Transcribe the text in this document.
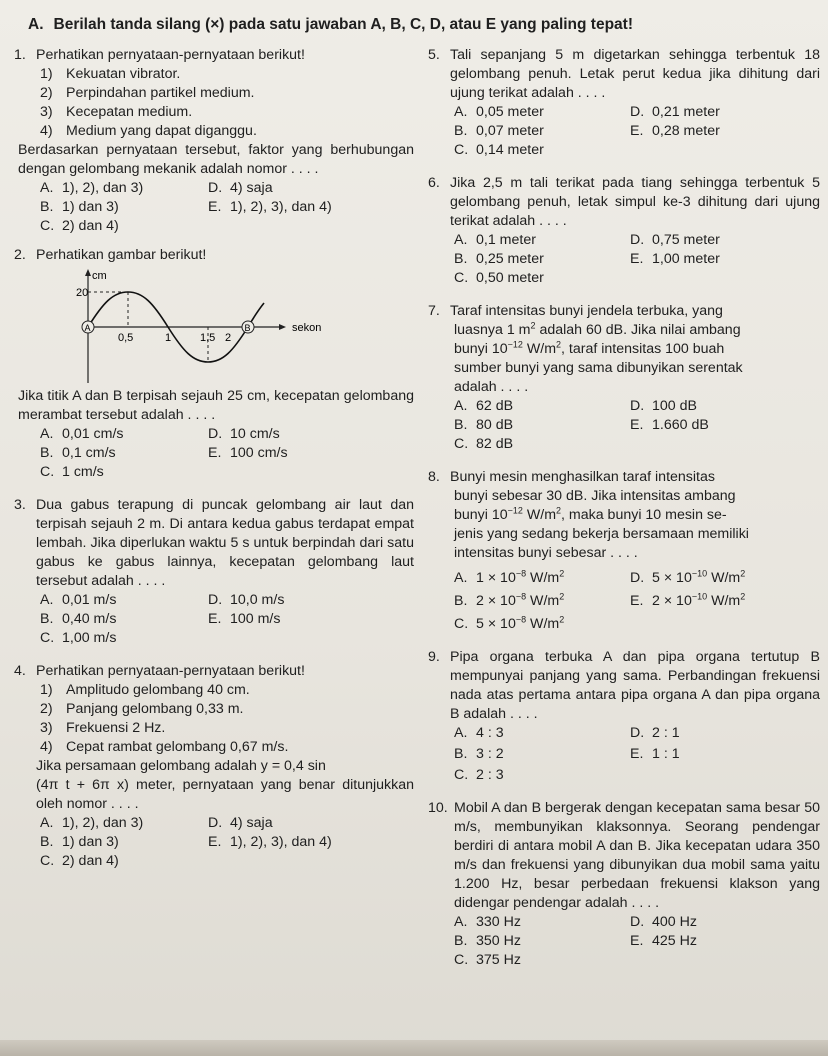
A. Berilah tanda silang (×) pada satu jawaban A, B, C, D, atau E yang paling tepat!
1. Perhatikan pernyataan-pernyataan berikut!
1) Kekuatan vibrator.
2) Perpindahan partikel medium.
3) Kecepatan medium.
4) Medium yang dapat diganggu.
Berdasarkan pernyataan tersebut, faktor yang berhubungan dengan gelombang mekanik adalah nomor . . . .
A. 1), 2), dan 3)	D. 4) saja
B. 1) dan 3)	E. 1), 2), 3), dan 4)
C. 2) dan 4)
2. Perhatikan gambar berikut!
cm
20
A	B
0,5	1	1,5 2
sekon
Jika titik A dan B terpisah sejauh 25 cm, kecepatan gelombang merambat tersebut adalah . . . .
A. 0,01 cm/s	D. 10 cm/s
B. 0,1 cm/s	E. 100 cm/s
C. 1 cm/s
3. Dua gabus terapung di puncak gelombang air laut dan terpisah sejauh 2 m. Di antara kedua gabus terdapat empat lembah. Jika diperlukan waktu 5 s untuk berpindah dari satu gabus ke gabus lainnya, kecepatan gelombang laut tersebut adalah . . . .
A. 0,01 m/s	D. 10,0 m/s
B. 0,40 m/s	E. 100 m/s
C. 1,00 m/s
4. Perhatikan pernyataan-pernyataan berikut!
1) Amplitudo gelombang 40 cm.
2) Panjang gelombang 0,33 m.
3) Frekuensi 2 Hz.
4) Cepat rambat gelombang 0,67 m/s.
Jika persamaan gelombang adalah y = 0,4 sin
(4π t + 6π x) meter, pernyataan yang benar ditunjukkan oleh nomor . . . .
A. 1), 2), dan 3)	D. 4) saja
B. 1) dan 3)	E. 1), 2), 3), dan 4)
C. 2) dan 4)
5. Tali sepanjang 5 m digetarkan sehingga terbentuk 18 gelombang penuh. Letak perut kedua jika dihitung dari ujung terikat adalah . . . .
A. 0,05 meter	D. 0,21 meter
B. 0,07 meter	E. 0,28 meter
C. 0,14 meter
6. Jika 2,5 m tali terikat pada tiang sehingga terbentuk 5 gelombang penuh, letak simpul ke-3 dihitung dari ujung terikat adalah . . . .
A. 0,1 meter	D. 0,75 meter
B. 0,25 meter	E. 1,00 meter
C. 0,50 meter
7. Taraf intensitas bunyi jendela terbuka, yang
luasnya 1 $m^2$ adalah 60 dB. Jika nilai ambang
bunyi $10^{-12}$ $W/m^2$, taraf intensitas 100 buah
sumber bunyi yang sama dibunyikan serentak
adalah . . . .
A. 62 dB	D. 100 dB
B. 80 dB	E. 1.660 dB
C. 82 dB
8. Bunyi mesin menghasilkan taraf intensitas
bunyi sebesar 30 dB. Jika intensitas ambang
bunyi $10^{-12}$ $W/m^2$, maka bunyi 10 mesin se-
jenis yang sedang bekerja bersamaan memiliki
intensitas bunyi sebesar . . . .
A. $1 \times 10^{-8}$ $W/m^2$	D. $5 \times 10^{-10}$ $W/m^2$
B. $2 \times 10^{-8}$ $W/m^2$	E. $2 \times 10^{-10}$ $W/m^2$
C. $5 \times 10^{-8}$ $W/m^2$
9. Pipa organa terbuka A dan pipa organa tertutup B mempunyai panjang yang sama. Perbandingan frekuensi nada atas pertama antara pipa organa A dan pipa organa B adalah . . . .
A. 4 : 3	D. 2 : 1
B. 3 : 2	E. 1 : 1
C. 2 : 3
10. Mobil A dan B bergerak dengan kecepatan sama besar 50 m/s, membunyikan klaksonnya. Seorang pendengar berdiri di antara mobil A dan B. Jika kecepatan udara 350 m/s dan frekuensi yang dibunyikan dua mobil sama yaitu 1.200 Hz, besar perbedaan frekuensi klakson yang didengar pendengar adalah . . . .
A. 330 Hz	D. 400 Hz
B. 350 Hz	E. 425 Hz
C. 375 Hz
